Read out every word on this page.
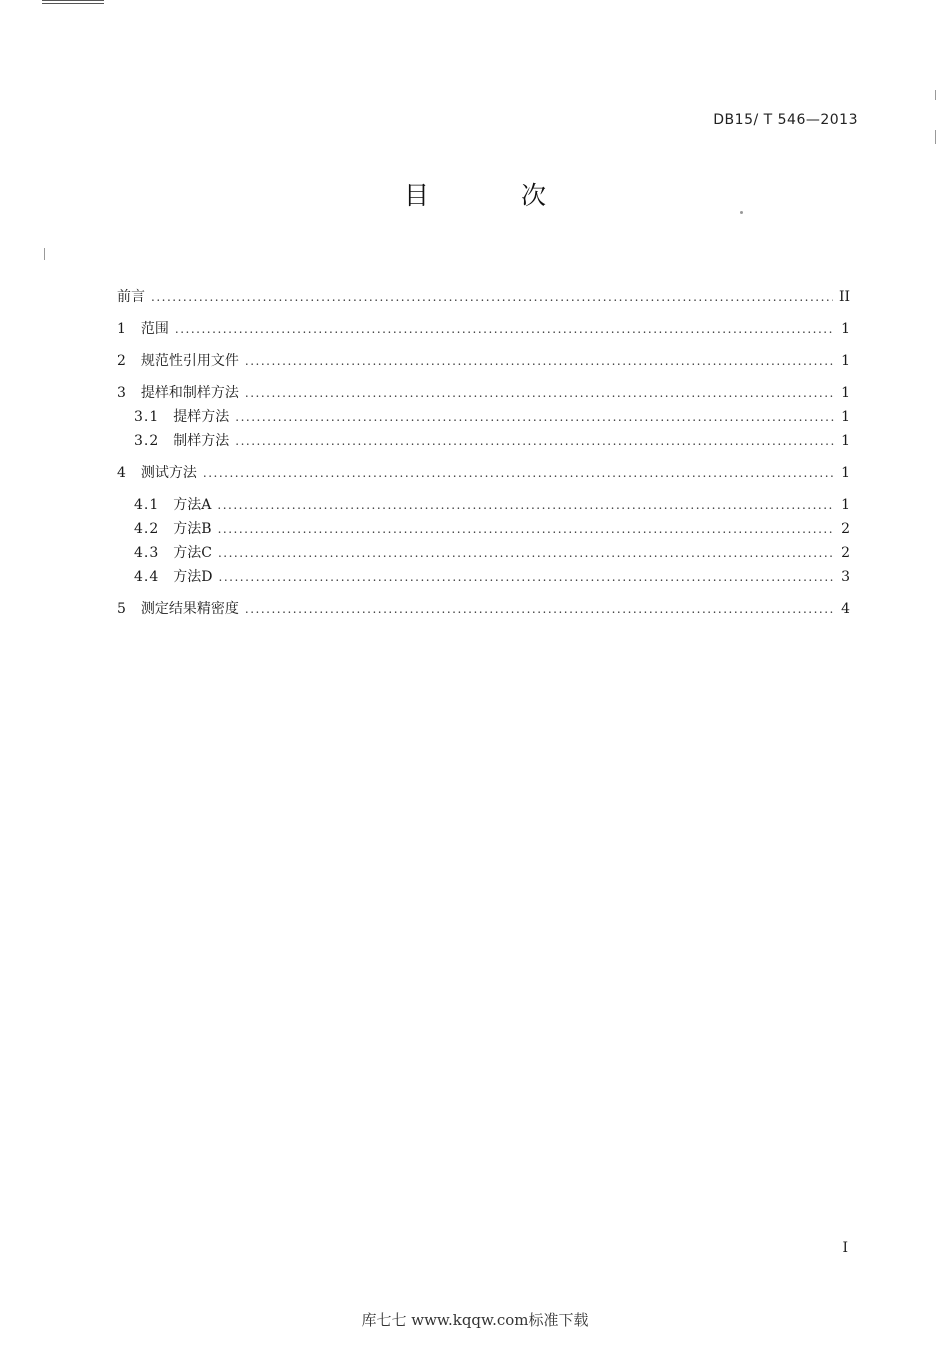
DB15/ T 546—2013
目 次
前言 .....	II
1 范围 .....	1
2 规范性引用文件 .....	1
3 提样和制样方法 .....	1
3.1 提样方法 .....	1
3.2 制样方法 .....	1
4 测试方法 .....	1
4.1 方法A .....	1
4.2 方法B .....	2
4.3 方法C .....	2
4.4 方法D .....	3
5 测定结果精密度 .....	4
I
库七七 www.kqqw.com标准下载
